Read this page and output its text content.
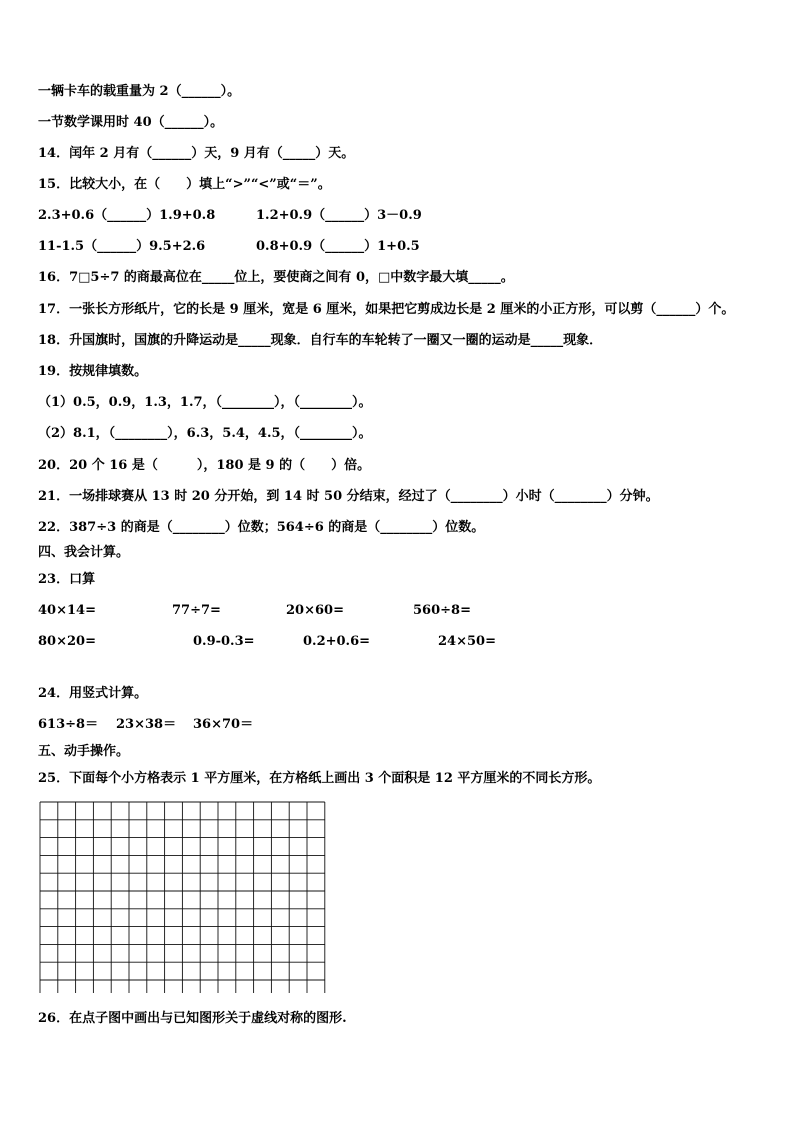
一辆卡车的载重量为 2（______）。
一节数学课用时 40（______）。
14．闰年 2 月有（______）天，9 月有（_____）天。
15．比较大小，在（　　）填上“>”“<”或“＝”。
2.3+0.6（______）1.9+0.8	1.2+0.9（______）3－0.9
11-1.5（______）9.5+2.6	0.8+0.9（______）1+0.5
16．7□5÷7 的商最高位在_____位上，要使商之间有 0，□中数字最大填_____。
17．一张长方形纸片，它的长是 9 厘米，宽是 6 厘米，如果把它剪成边长是 2 厘米的小正方形，可以剪（______）个。
18．升国旗时，国旗的升降运动是_____现象．自行车的车轮转了一圈又一圈的运动是_____现象．
19．按规律填数。
（1）0.5，0.9，1.3，1.7，（________），（________）。
（2）8.1，（________），6.3，5.4，4.5，（________）。
20．20 个 16 是（　　　），180 是 9 的（　　）倍。
21．一场排球赛从 13 时 20 分开始，到 14 时 50 分结束，经过了（________）小时（________）分钟。
22．387÷3 的商是（________）位数；564÷6 的商是（________）位数。
四、我会计算。
23．口算
40×14=	77÷7=	20×60=	560÷8=
80×20=	0.9-0.3=	0.2+0.6=	24×50=
24．用竖式计算。
613÷8＝ 23×38＝ 36×70＝
五、动手操作。
25．下面每个小方格表示 1 平方厘米，在方格纸上画出 3 个面积是 12 平方厘米的不同长方形。
26．在点子图中画出与已知图形关于虚线对称的图形.
